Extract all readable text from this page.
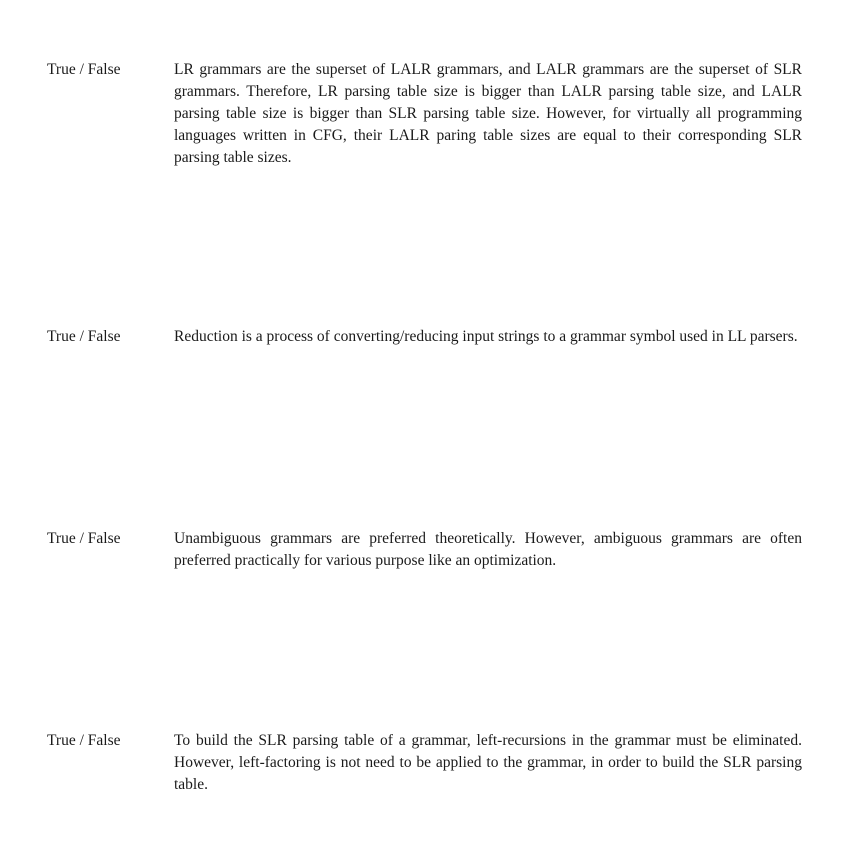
True / False	LR grammars are the superset of LALR grammars, and LALR grammars are the superset of SLR grammars. Therefore, LR parsing table size is bigger than LALR parsing table size, and LALR parsing table size is bigger than SLR parsing table size. However, for virtually all programming languages written in CFG, their LALR paring table sizes are equal to their corresponding SLR parsing table sizes.

True / False	Reduction is a process of converting/reducing input strings to a grammar symbol used in LL parsers.

True / False	Unambiguous grammars are preferred theoretically. However, ambiguous grammars are often preferred practically for various purpose like an optimization.

True / False	To build the SLR parsing table of a grammar, left-recursions in the grammar must be eliminated. However, left-factoring is not need to be applied to the grammar, in order to build the SLR parsing table.
